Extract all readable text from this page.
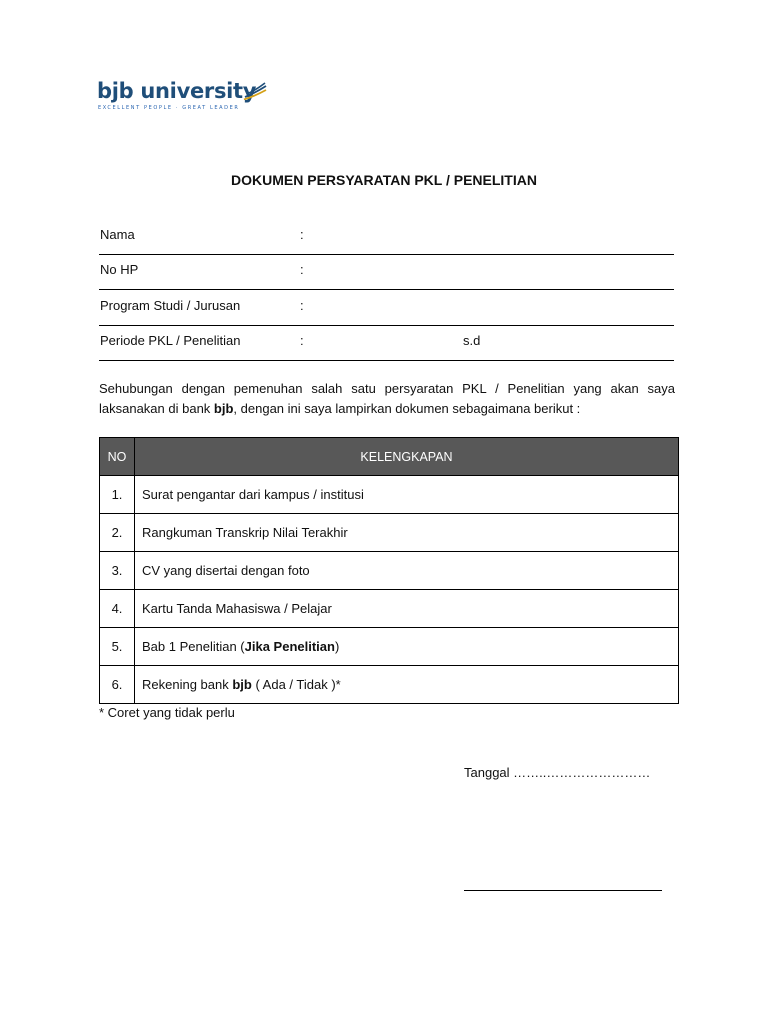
bjb university
EXCELLENT PEOPLE · GREAT LEADER
DOKUMEN PERSYARATAN PKL / PENELITIAN
Nama	:
No HP	:
Program Studi / Jurusan	:
Periode PKL / Penelitian	:	s.d
Sehubungan dengan pemenuhan salah satu persyaratan PKL / Penelitian yang akan saya laksanakan di bank bjb, dengan ini saya lampirkan dokumen sebagaimana berikut :
NO	KELENGKAPAN
1.	Surat pengantar dari kampus / institusi
2.	Rangkuman Transkrip Nilai Terakhir
3.	CV yang disertai dengan foto
4.	Kartu Tanda Mahasiswa / Pelajar
5.	Bab 1 Penelitian (Jika Penelitian)
6.	Rekening bank bjb ( Ada / Tidak )*
* Coret yang tidak perlu
Tanggal ……..……………………
